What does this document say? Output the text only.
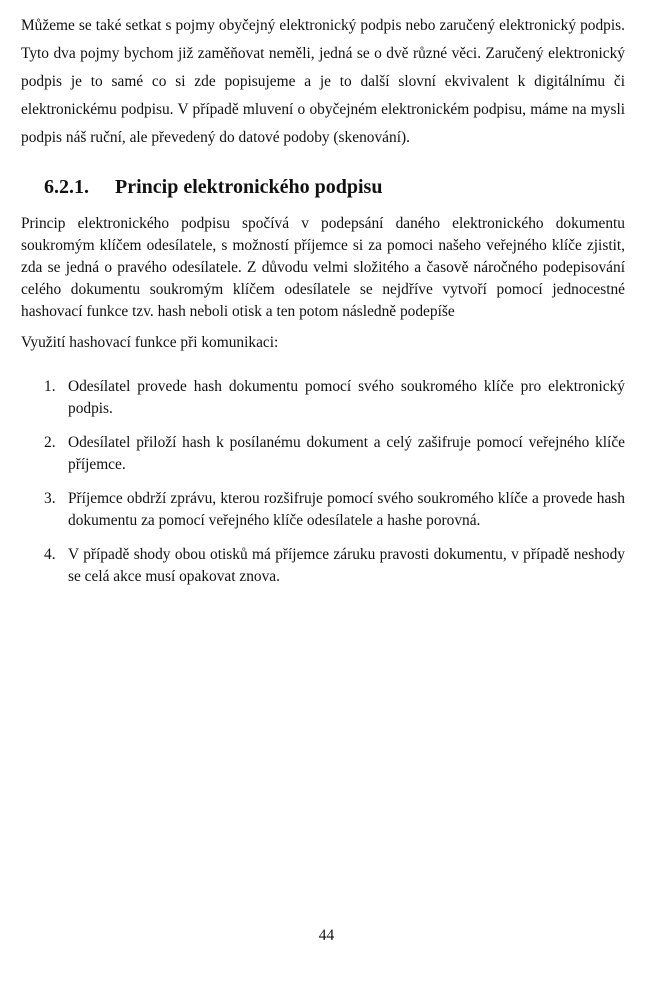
Můžeme se také setkat s pojmy obyčejný elektronický podpis nebo zaručený elektronický podpis. Tyto dva pojmy bychom již zaměňovat neměli, jedná se o dvě různé věci. Zaručený elektronický podpis je to samé co si zde popisujeme a je to další slovní ekvivalent k digitálnímu či elektronickému podpisu. V případě mluvení o obyčejném elektronickém podpisu, máme na mysli podpis náš ruční, ale převedený do datové podoby (skenování).

6.2.1. Princip elektronického podpisu

Princip elektronického podpisu spočívá v podepsání daného elektronického dokumentu soukromým klíčem odesílatele, s možností příjemce si za pomoci našeho veřejného klíče zjistit, zda se jedná o pravého odesílatele. Z důvodu velmi složitého a časově náročného podepisování celého dokumentu soukromým klíčem odesílatele se nejdříve vytvoří pomocí jednocestné hashovací funkce tzv. hash neboli otisk a ten potom následně podepíše

Využití hashovací funkce při komunikaci:

1. Odesílatel provede hash dokumentu pomocí svého soukromého klíče pro elektronický podpis.
2. Odesílatel přiloží hash k posílanému dokument a celý zašifruje pomocí veřejného klíče příjemce.
3. Příjemce obdrží zprávu, kterou rozšifruje pomocí svého soukromého klíče a provede hash dokumentu za pomocí veřejného klíče odesílatele a hashe porovná.
4. V případě shody obou otisků má příjemce záruku pravosti dokumentu, v případě neshody se celá akce musí opakovat znova.
44
